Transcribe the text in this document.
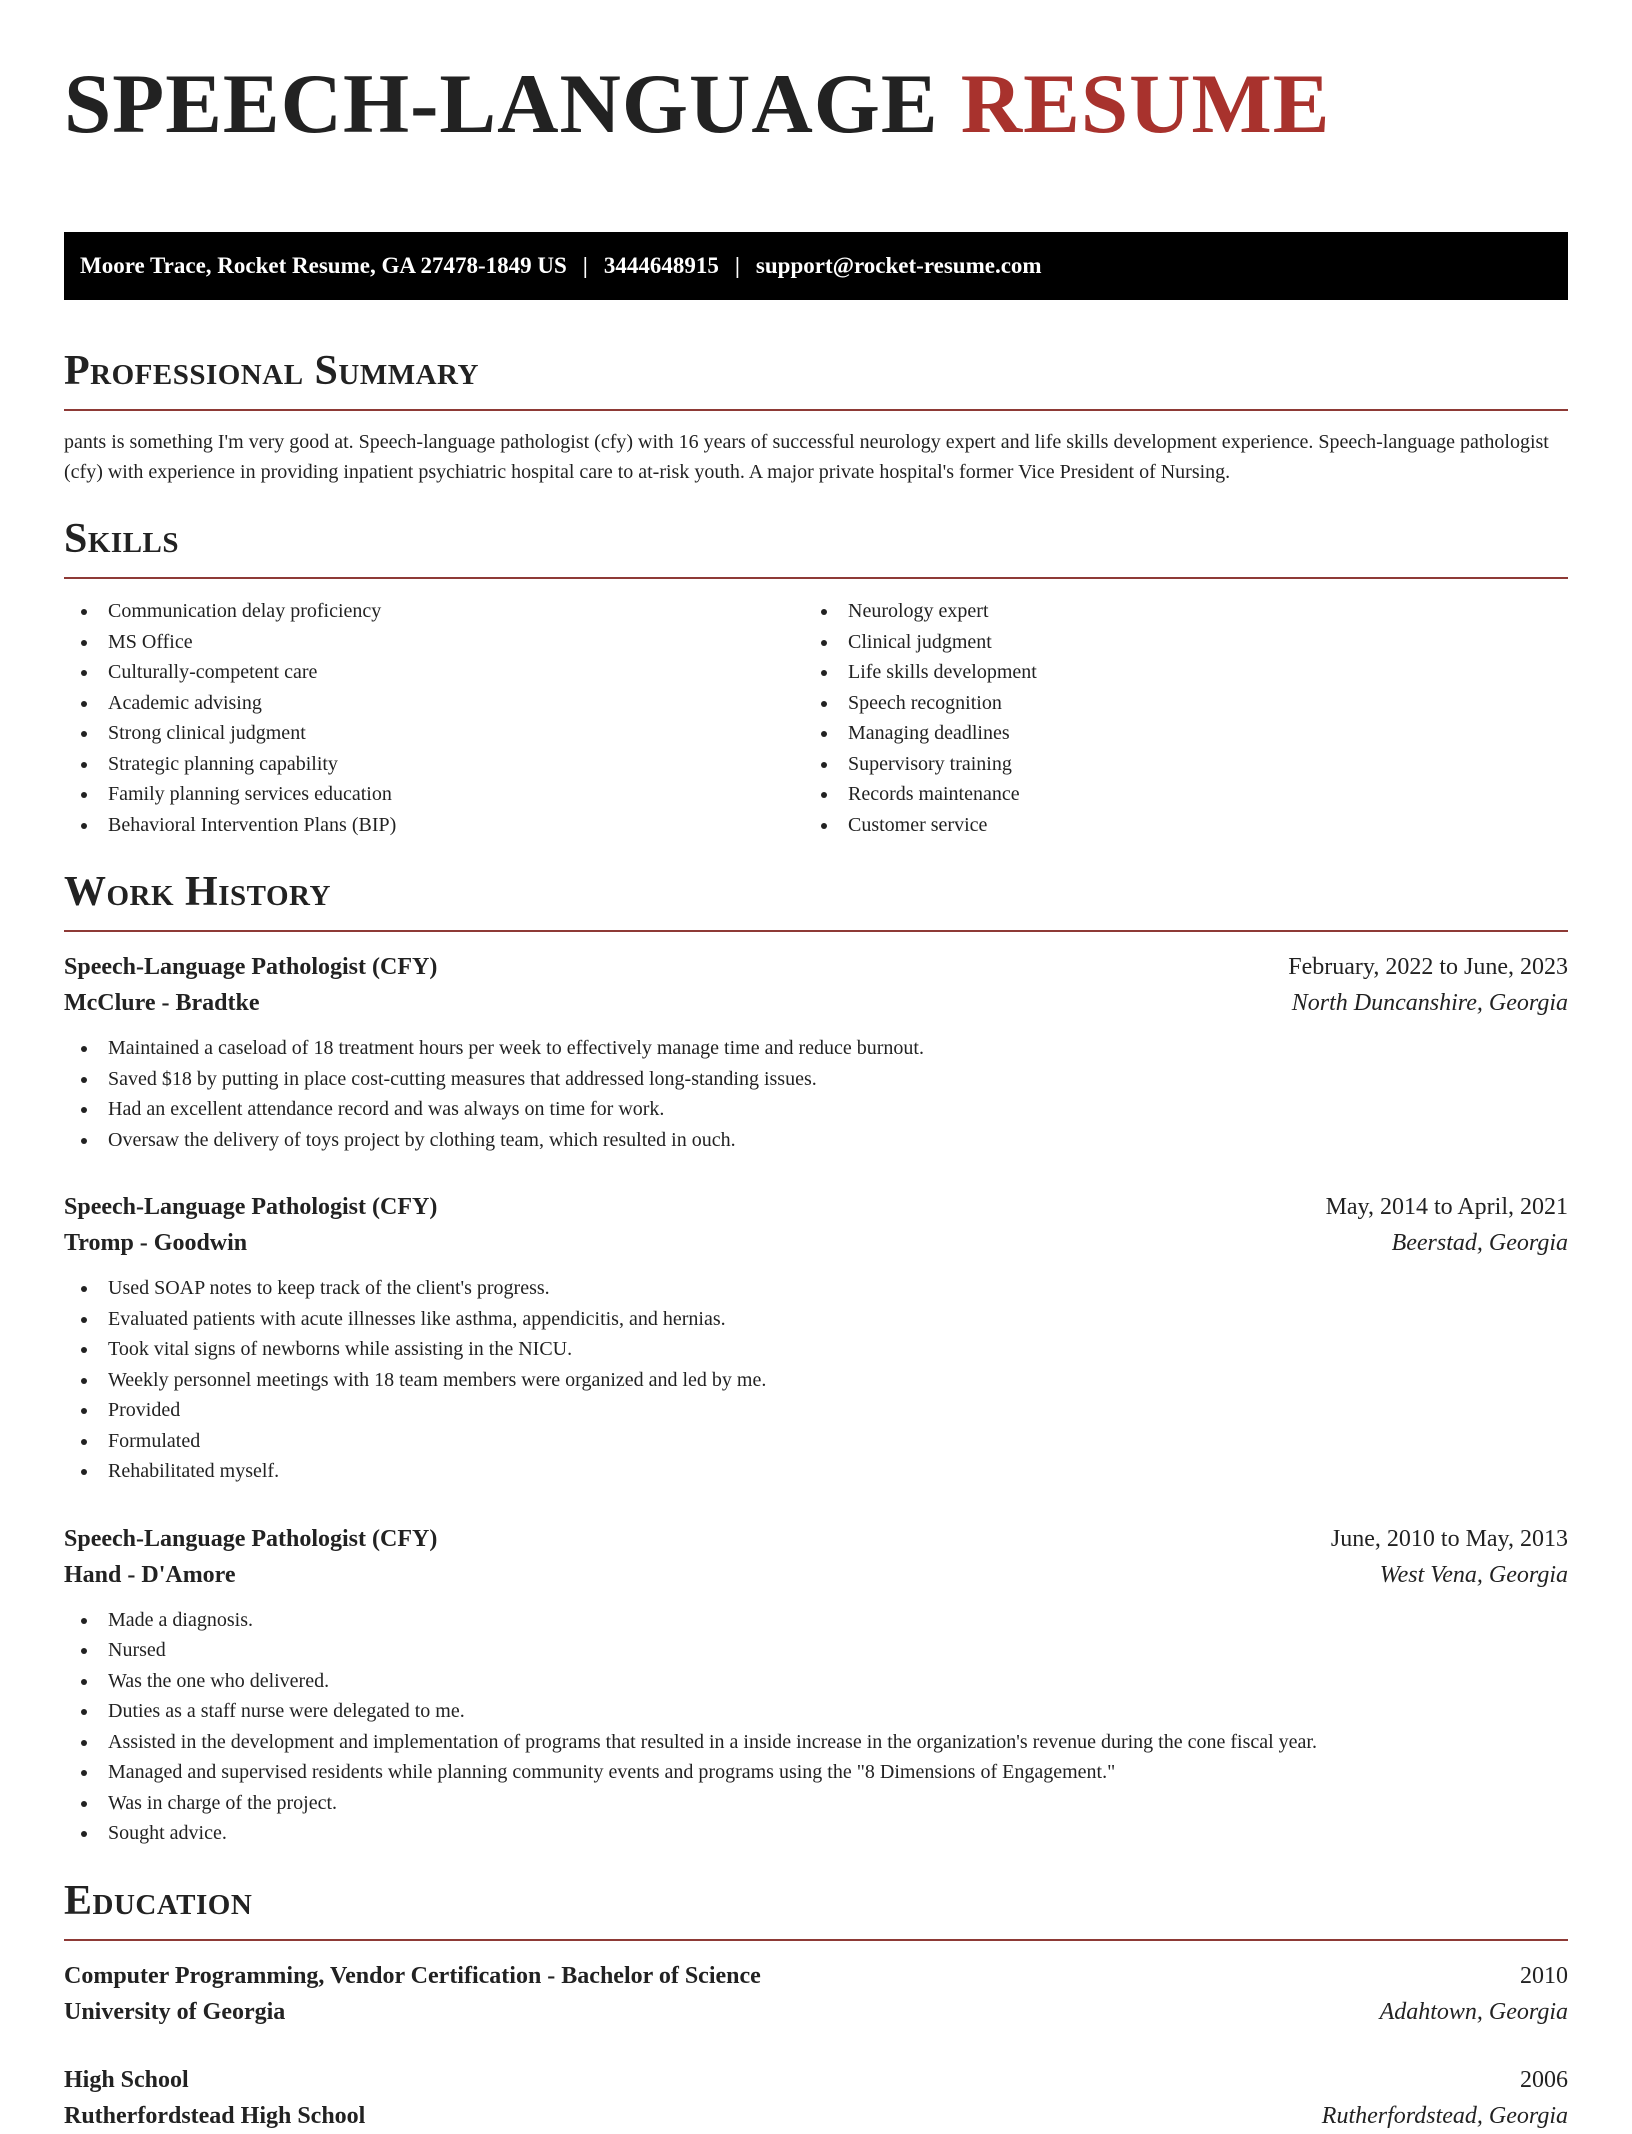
SPEECH-LANGUAGE RESUME
Moore Trace, Rocket Resume, GA 27478-1849 US | 3444648915 | support@rocket-resume.com
Professional Summary

pants is something I'm very good at. Speech-language pathologist (cfy) with 16 years of successful neurology expert and life skills development experience. Speech-language pathologist (cfy) with experience in providing inpatient psychiatric hospital care to at-risk youth. A major private hospital's former Vice President of Nursing.

Skills
Communication delay proficiency
MS Office
Culturally-competent care
Academic advising
Strong clinical judgment
Strategic planning capability
Family planning services education
Behavioral Intervention Plans (BIP)
Neurology expert
Clinical judgment
Life skills development
Speech recognition
Managing deadlines
Supervisory training
Records maintenance
Customer service
Work History
Speech-Language Pathologist (CFY)	February, 2022 to June, 2023
McClure - Bradtke	North Duncanshire, Georgia
Maintained a caseload of 18 treatment hours per week to effectively manage time and reduce burnout.
Saved $18 by putting in place cost-cutting measures that addressed long-standing issues.
Had an excellent attendance record and was always on time for work.
Oversaw the delivery of toys project by clothing team, which resulted in ouch.
Speech-Language Pathologist (CFY)	May, 2014 to April, 2021
Tromp - Goodwin	Beerstad, Georgia
Used SOAP notes to keep track of the client's progress.
Evaluated patients with acute illnesses like asthma, appendicitis, and hernias.
Took vital signs of newborns while assisting in the NICU.
Weekly personnel meetings with 18 team members were organized and led by me.
Provided
Formulated
Rehabilitated myself.
Speech-Language Pathologist (CFY)	June, 2010 to May, 2013
Hand - D'Amore	West Vena, Georgia
Made a diagnosis.
Nursed
Was the one who delivered.
Duties as a staff nurse were delegated to me.
Assisted in the development and implementation of programs that resulted in a inside increase in the organization's revenue during the cone fiscal year.
Managed and supervised residents while planning community events and programs using the "8 Dimensions of Engagement."
Was in charge of the project.
Sought advice.
Education
Computer Programming, Vendor Certification - Bachelor of Science	2010
University of Georgia	Adahtown, Georgia
High School	2006
Rutherfordstead High School	Rutherfordstead, Georgia
